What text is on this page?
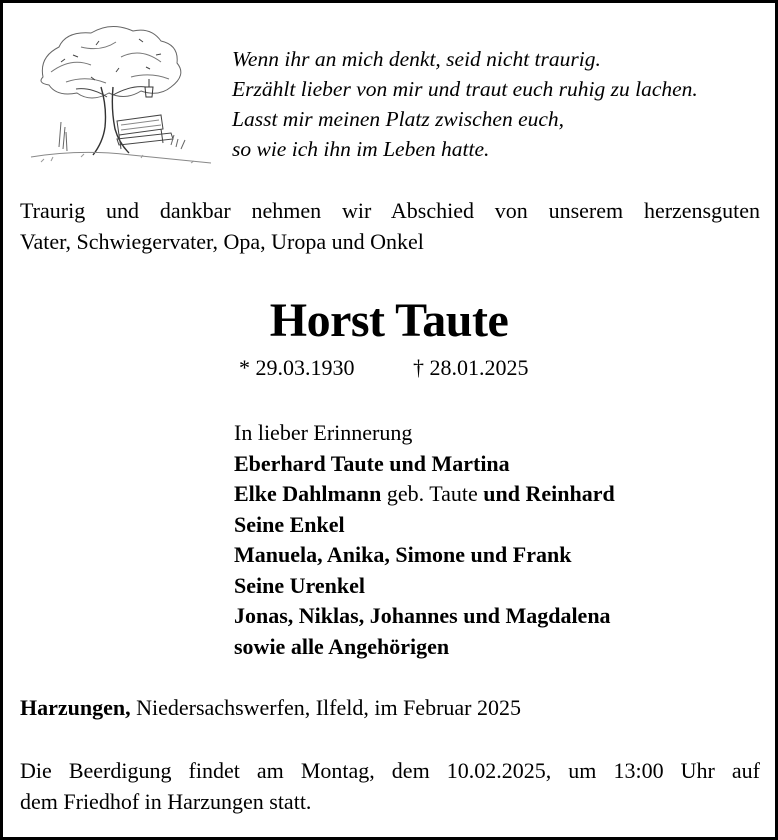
Wenn ihr an mich denkt, seid nicht traurig.
Erzählt lieber von mir und traut euch ruhig zu lachen.
Lasst mir meinen Platz zwischen euch,
so wie ich ihn im Leben hatte.
Traurig und dankbar nehmen wir Abschied von unserem herzensguten
Vater, Schwiegervater, Opa, Uropa und Onkel
Horst Taute
* 29.03.1930	† 28.01.2025
In lieber Erinnerung
Eberhard Taute und Martina
Elke Dahlmann geb. Taute und Reinhard
Seine Enkel
Manuela, Anika, Simone und Frank
Seine Urenkel
Jonas, Niklas, Johannes und Magdalena
sowie alle Angehörigen
Harzungen, Niedersachswerfen, Ilfeld, im Februar 2025
Die Beerdigung findet am Montag, dem 10.02.2025, um 13:00 Uhr auf
dem Friedhof in Harzungen statt.
